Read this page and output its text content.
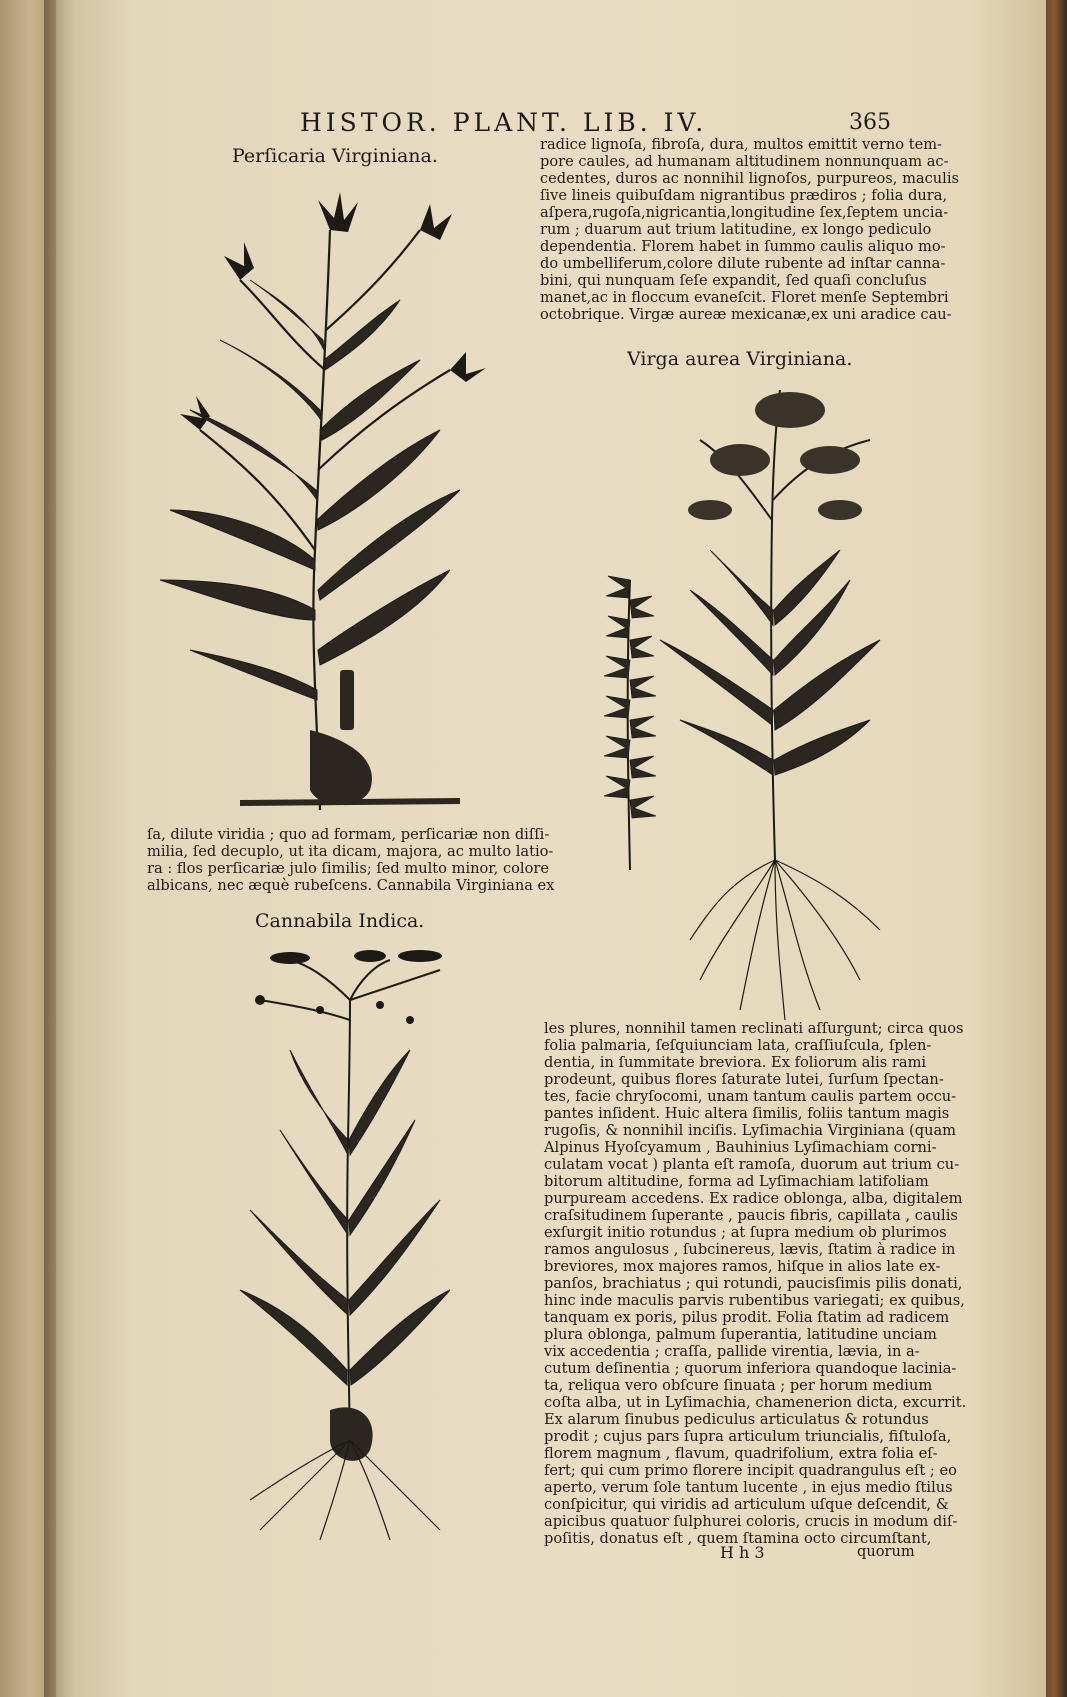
HISTOR. PLANT. LIB. IV.	365
Perſicaria Virginiana.
radice lignoſa, fibroſa, dura, multos emittit verno tem-
pore caules, ad humanam altitudinem nonnunquam ac-
cedentes, duros ac nonnihil lignoſos, purpureos, maculis
ſive lineis quibuſdam nigrantibus prædiros ; folia dura,
aſpera,rugoſa,nigricantia,longitudine ſex,ſeptem uncia-
rum ; duarum aut trium latitudine, ex longo pediculo
dependentia. Florem habet in ſummo caulis aliquo mo-
do umbelliferum,colore dilute rubente ad inſtar canna-
bini, qui nunquam ſeſe expandit, ſed quaſi concluſus
manet,ac in floccum evaneſcit. Floret menſe Septembri
octobrique. Virgæ aureæ mexicanæ,ex uni aradice cau-
Virga aurea Virginiana.
ſa, dilute viridia ; quo ad formam, perſicariæ non diſſi-
milia, ſed decuplo, ut ita dicam, majora, ac multo latio-
ra : flos perſicariæ julo ſimilis; ſed multo minor, colore
albicans, nec æquè rubeſcens. Cannabila Virginiana ex
Cannabila Indica.
les plures, nonnihil tamen reclinati aſſurgunt; circa quos
folia palmaria, ſeſquiunciam lata, craſſiuſcula, ſplen-
dentia, in ſummitate breviora. Ex foliorum alis rami
prodeunt, quibus flores ſaturate lutei, ſurſum ſpectan-
tes, facie chryſocomi, unam tantum caulis partem occu-
pantes inſident. Huic altera ſimilis, foliis tantum magis
rugoſis, & nonnihil inciſis. Lyſimachia Virginiana (quam
Alpinus Hyoſcyamum , Bauhinius Lyſimachiam corni-
culatam vocat ) planta eſt ramoſa, duorum aut trium cu-
bitorum altitudine, forma ad Lyſimachiam latifoliam
purpuream accedens. Ex radice oblonga, alba, digitalem
craſsitudinem ſuperante , paucis fibris, capillata , caulis
exſurgit initio rotundus ; at ſupra medium ob plurimos
ramos angulosus , ſubcinereus, lævis, ſtatim à radice in
breviores, mox majores ramos, hiſque in alios late ex-
panſos, brachiatus ; qui rotundi, paucisſimis pilis donati,
hinc inde maculis parvis rubentibus variegati; ex quibus,
tanquam ex poris, pilus prodit. Folia ſtatim ad radicem
plura oblonga, palmum ſuperantia, latitudine unciam
vix accedentia ; craſſa, pallide virentia, lævia, in a-
cutum deſinentia ; quorum inferiora quandoque lacinia-
ta, reliqua vero obſcure ſinuata ; per horum medium
coſta alba, ut in Lyſimachia, chamenerion dicta, excurrit.
Ex alarum ſinubus pediculus articulatus & rotundus
prodit ; cujus pars ſupra articulum triuncialis, fiſtuloſa,
florem magnum , flavum, quadrifolium, extra folia eſ-
fert; qui cum primo florere incipit quadrangulus eſt ; eo
aperto, verum ſole tantum lucente , in ejus medio ſtilus
conſpicitur, qui viridis ad articulum uſque deſcendit, &
apicibus quatuor ſulphurei coloris, crucis in modum diſ-
poſitis, donatus eſt , quem ſtamina octo circumſtant,
H h 3	quorum
